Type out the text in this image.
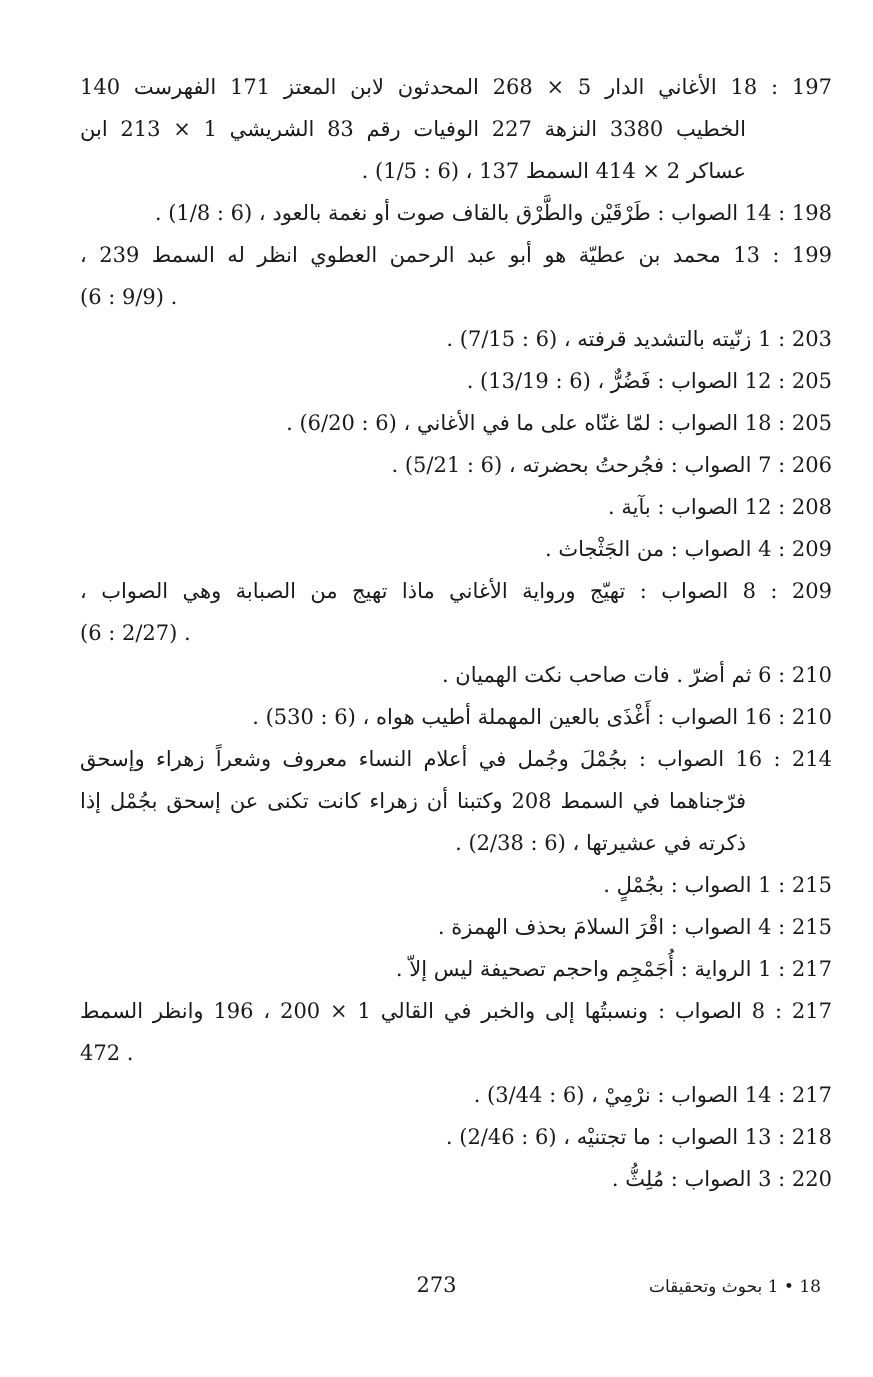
197 : 18 الأغاني الدار 5 × 268 المحدثون لابن المعتز 171 الفهرست 140
الخطيب 3380 النزهة 227 الوفيات رقم 83 الشريشي 1 × 213 ابن
عساكر 2 × 414 السمط 137 ، (6 : 1/5) .
198 : 14 الصواب : طَرْقَيْن والطَّرْق بالقاف صوت أو نغمة بالعود ، (6 : 1/8) .
199 : 13 محمد بن عطيّة هو أبو عبد الرحمن العطوي انظر له السمط 239 ،
(6 : 9/9) .
203 : 1 زنّيته بالتشديد قرفته ، (6 : 7/15) .
205 : 12 الصواب : فَضُرٌّ ، (6 : 13/19) .
205 : 18 الصواب : لمّا غنّاه على ما في الأغاني ، (6 : 6/20) .
206 : 7 الصواب : فجُرحتُ بحضرته ، (6 : 5/21) .
208 : 12 الصواب : بآية .
209 : 4 الصواب : من الجَثْجاث .
209 : 8 الصواب : تهيّج ورواية الأغاني ماذا تهيج من الصبابة وهي الصواب ،
(6 : 2/27) .
210 : 6 ثم أضرّ . فات صاحب نكت الهميان .
210 : 16 الصواب : أَغْذَى بالعين المهملة أطيب هواه ، (6 : 530) .
214 : 16 الصواب : بجُمْلَ وجُمل في أعلام النساء معروف وشعراً زهراء وإسحق
فرّجناهما في السمط 208 وكتبنا أن زهراء كانت تكنى عن إسحق بجُمْل إذا
ذكرته في عشيرتها ، (6 : 2/38) .
215 : 1 الصواب : بجُمْلٍ .
215 : 4 الصواب : اقْرَ السلامَ بحذف الهمزة .
217 : 1 الرواية : أُجَمْجِم واحجم تصحيفة ليس إلاّ .
217 : 8 الصواب : ونسبتُها إلى والخبر في القالي 1 × 200 ، 196 وانظر السمط
472 .
217 : 14 الصواب : نرْمِيْ ، (6 : 3/44) .
218 : 13 الصواب : ما تجتنيْه ، (6 : 2/46) .
220 : 3 الصواب : مُلِثُّ .
273	18 • 1 بحوث وتحقيقات
